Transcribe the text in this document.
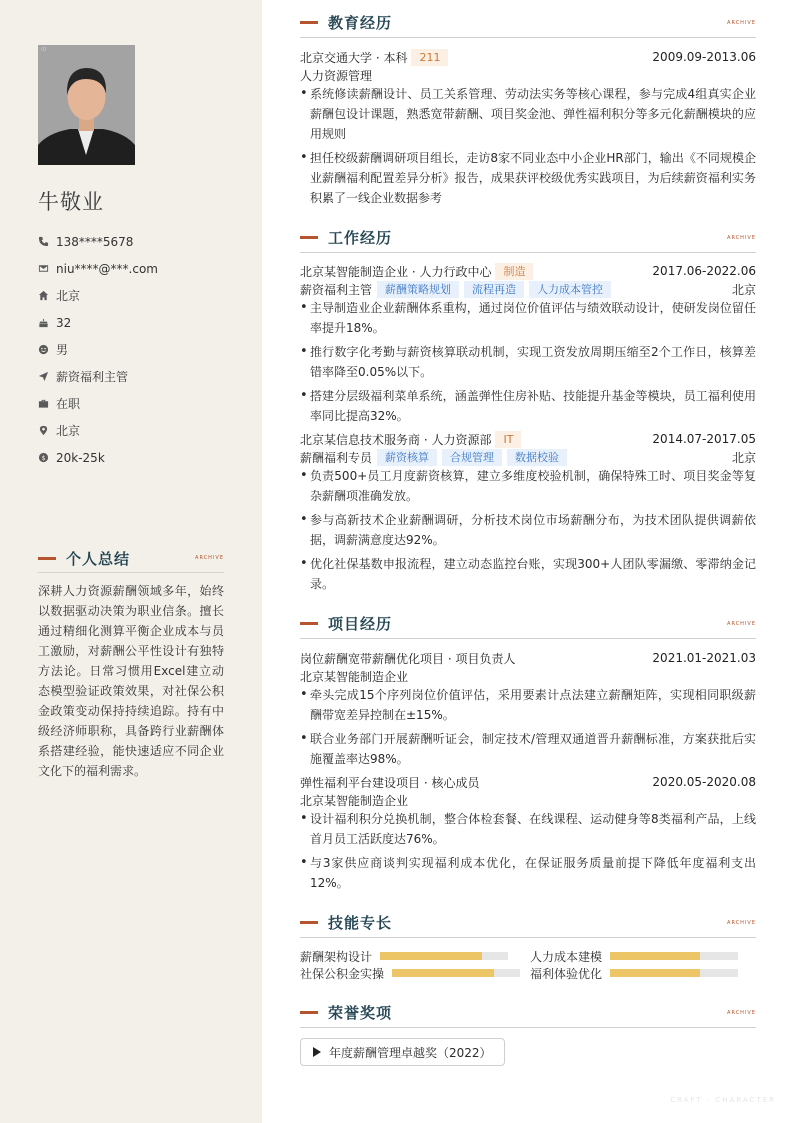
ID
牛敬业
138****5678
niu****@***.com
北京
32
男
薪资福利主管
在职
北京
$ 20k-25k
个人总结	ARCHIVE
深耕人力资源薪酬领域多年，始终以数据驱动决策为职业信条。擅长通过精细化测算平衡企业成本与员工激励，对薪酬公平性设计有独特方法论。日常习惯用Excel建立动态模型验证政策效果，对社保公积金政策变动保持持续追踪。持有中级经济师职称，具备跨行业薪酬体系搭建经验，能快速适应不同企业文化下的福利需求。
教育经历	ARCHIVE
北京交通大学 · 本科	211	2009.09-2013.06
人力资源管理
• 系统修读薪酬设计、员工关系管理、劳动法实务等核心课程，参与完成4组真实企业薪酬包设计课题，熟悉宽带薪酬、项目奖金池、弹性福利积分等多元化薪酬模块的应用规则
• 担任校级薪酬调研项目组长，走访8家不同业态中小企业HR部门，输出《不同规模企业薪酬福利配置差异分析》报告，成果获评校级优秀实践项目，为后续薪资福利实务积累了一线企业数据参考
工作经历	ARCHIVE
北京某智能制造企业 · 人力行政中心	制造	2017.06-2022.06
薪资福利主管	薪酬策略规划	流程再造	人力成本管控	北京
• 主导制造业企业薪酬体系重构，通过岗位价值评估与绩效联动设计，使研发岗位留任率提升18%。
• 推行数字化考勤与薪资核算联动机制，实现工资发放周期压缩至2个工作日，核算差错率降至0.05%以下。
• 搭建分层级福利菜单系统，涵盖弹性住房补贴、技能提升基金等模块，员工福利使用率同比提高32%。
北京某信息技术服务商 · 人力资源部	IT	2014.07-2017.05
薪酬福利专员	薪资核算	合规管理	数据校验	北京
• 负责500+员工月度薪资核算，建立多维度校验机制，确保特殊工时、项目奖金等复杂薪酬项准确发放。
• 参与高新技术企业薪酬调研，分析技术岗位市场薪酬分布，为技术团队提供调薪依据，调薪满意度达92%。
• 优化社保基数申报流程，建立动态监控台账，实现300+人团队零漏缴、零滞纳金记录。
项目经历	ARCHIVE
岗位薪酬宽带薪酬优化项目 · 项目负责人	2021.01-2021.03
北京某智能制造企业
• 牵头完成15个序列岗位价值评估，采用要素计点法建立薪酬矩阵，实现相同职级薪酬带宽差异控制在±15%。
• 联合业务部门开展薪酬听证会，制定技术/管理双通道晋升薪酬标准，方案获批后实施覆盖率达98%。
弹性福利平台建设项目 · 核心成员	2020.05-2020.08
北京某智能制造企业
• 设计福利积分兑换机制，整合体检套餐、在线课程、运动健身等8类福利产品，上线首月员工活跃度达76%。
• 与3家供应商谈判实现福利成本优化，在保证服务质量前提下降低年度福利支出12%。
技能专长	ARCHIVE
薪酬架构设计	人力成本建模
社保公积金实操	福利体验优化
荣誉奖项	ARCHIVE
年度薪酬管理卓越奖（2022）
CRAFT · CHARACTER
